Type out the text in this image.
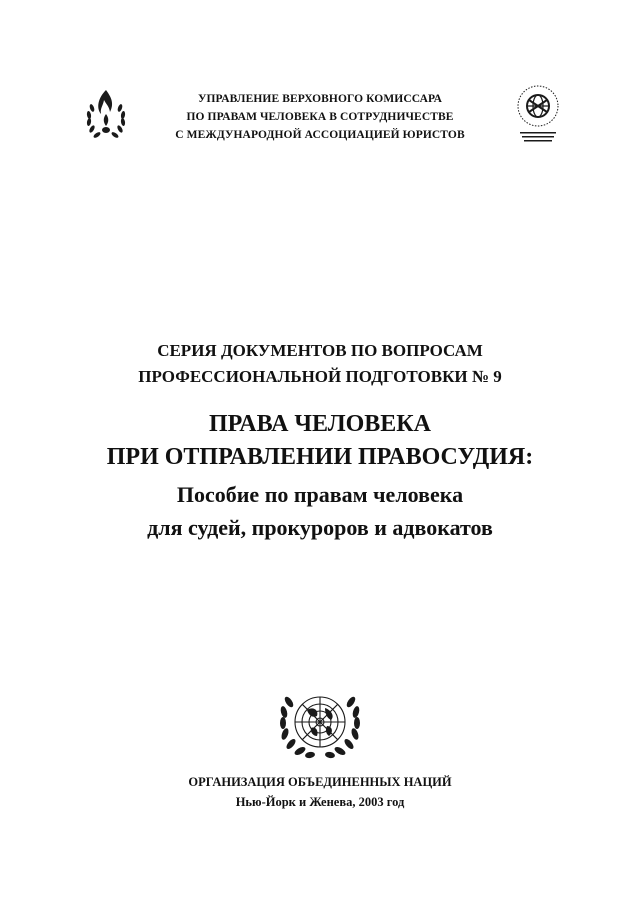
УПРАВЛЕНИЕ ВЕРХОВНОГО КОМИССАРА
ПО ПРАВАМ ЧЕЛОВЕКА В СОТРУДНИЧЕСТВЕ
С МЕЖДУНАРОДНОЙ АССОЦИАЦИЕЙ ЮРИСТОВ
СЕРИЯ ДОКУМЕНТОВ ПО ВОПРОСАМ
ПРОФЕССИОНАЛЬНОЙ ПОДГОТОВКИ № 9
ПРАВА ЧЕЛОВЕКА
ПРИ ОТПРАВЛЕНИИ ПРАВОСУДИЯ:
Пособие по правам человека
для судей, прокуроров и адвокатов
ОРГАНИЗАЦИЯ ОБЪЕДИНЕННЫХ НАЦИЙ
Нью-Йорк и Женева, 2003 год
